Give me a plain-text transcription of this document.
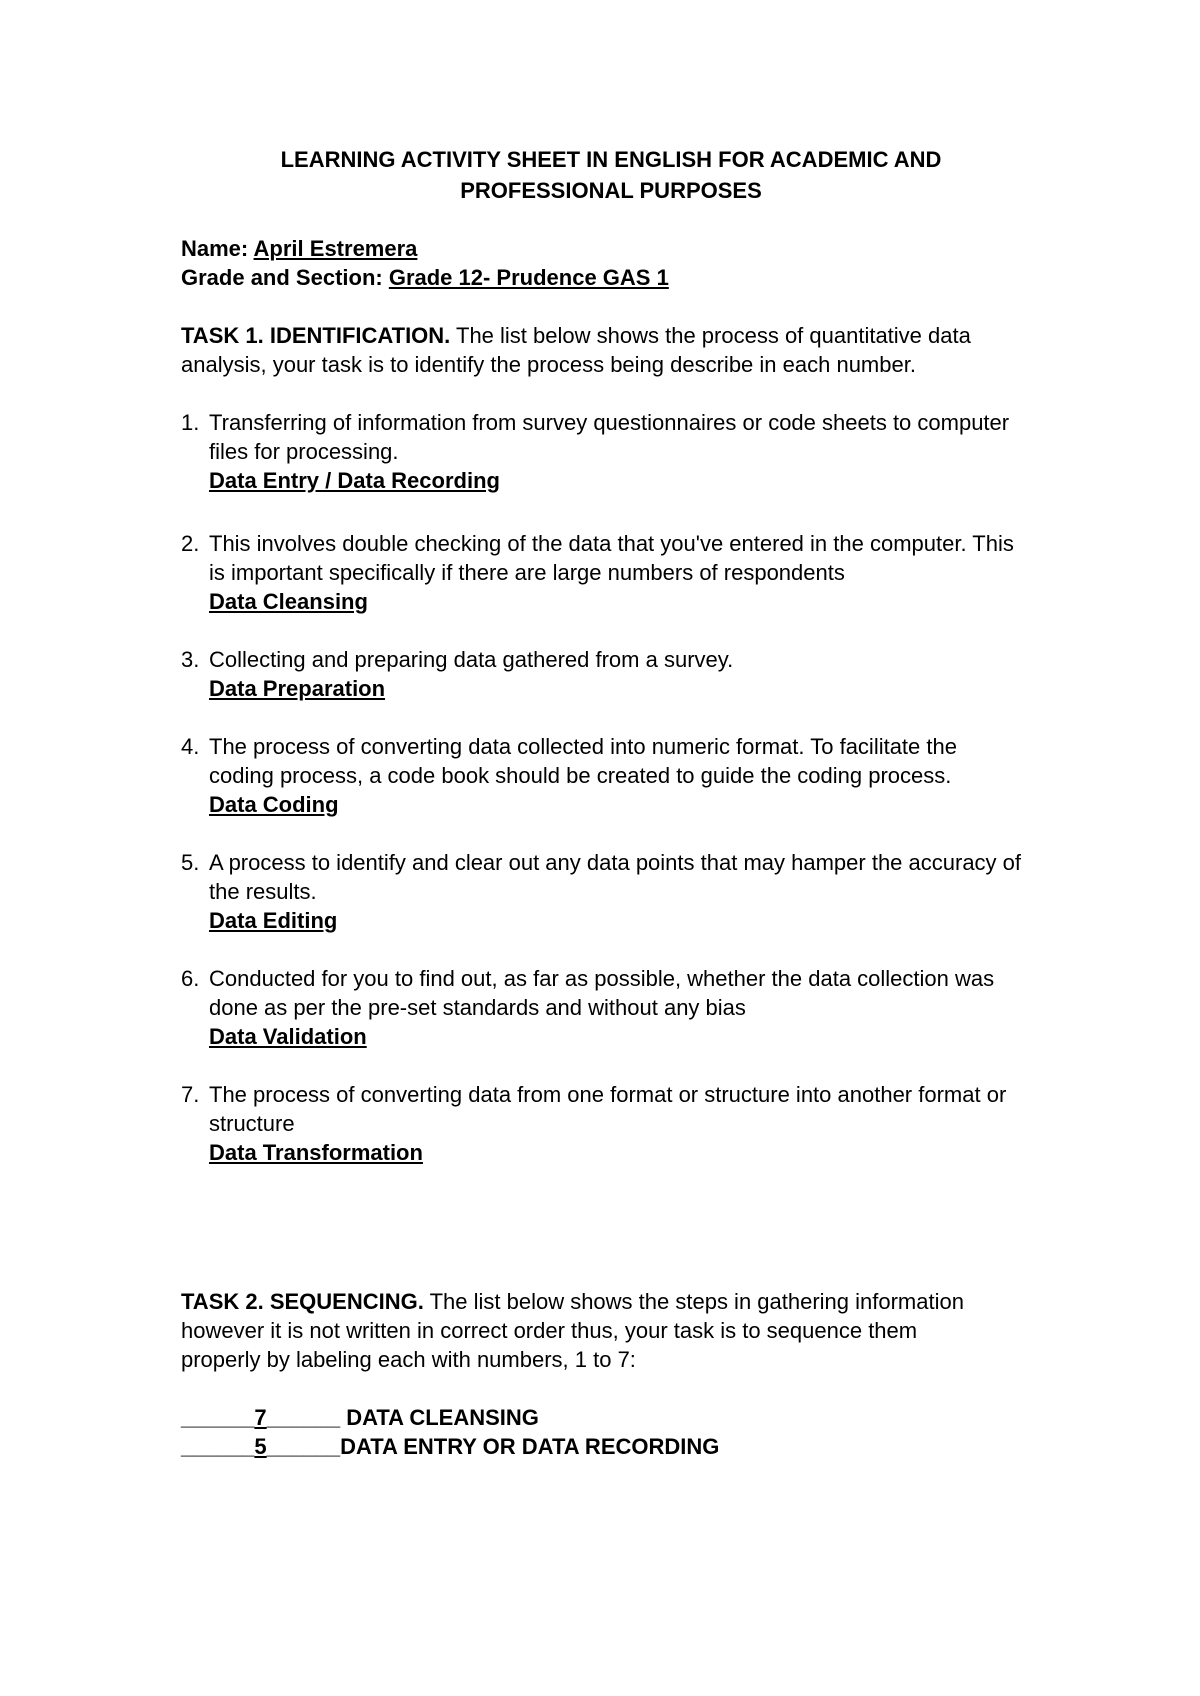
LEARNING ACTIVITY SHEET IN ENGLISH FOR ACADEMIC AND
PROFESSIONAL PURPOSES
Name: April Estremera
Grade and Section: Grade 12- Prudence GAS 1
TASK 1. IDENTIFICATION. The list below shows the process of quantitative data analysis, your task is to identify the process being describe in each number.
1. Transferring of information from survey questionnaires or code sheets to computer files for processing.
Data Entry / Data Recording
2. This involves double checking of the data that you've entered in the computer. This is important specifically if there are large numbers of respondents
Data Cleansing
3. Collecting and preparing data gathered from a survey.
Data Preparation
4. The process of converting data collected into numeric format. To facilitate the coding process, a code book should be created to guide the coding process.
Data Coding
5. A process to identify and clear out any data points that may hamper the accuracy of the results.
Data Editing
6. Conducted for you to find out, as far as possible, whether the data collection was done as per the pre-set standards and without any bias
Data Validation
7. The process of converting data from one format or structure into another format or structure
Data Transformation
TASK 2. SEQUENCING. The list below shows the steps in gathering information however it is not written in correct order thus, your task is to sequence them properly by labeling each with numbers, 1 to 7:
______7______ DATA CLEANSING
______5______DATA ENTRY OR DATA RECORDING
